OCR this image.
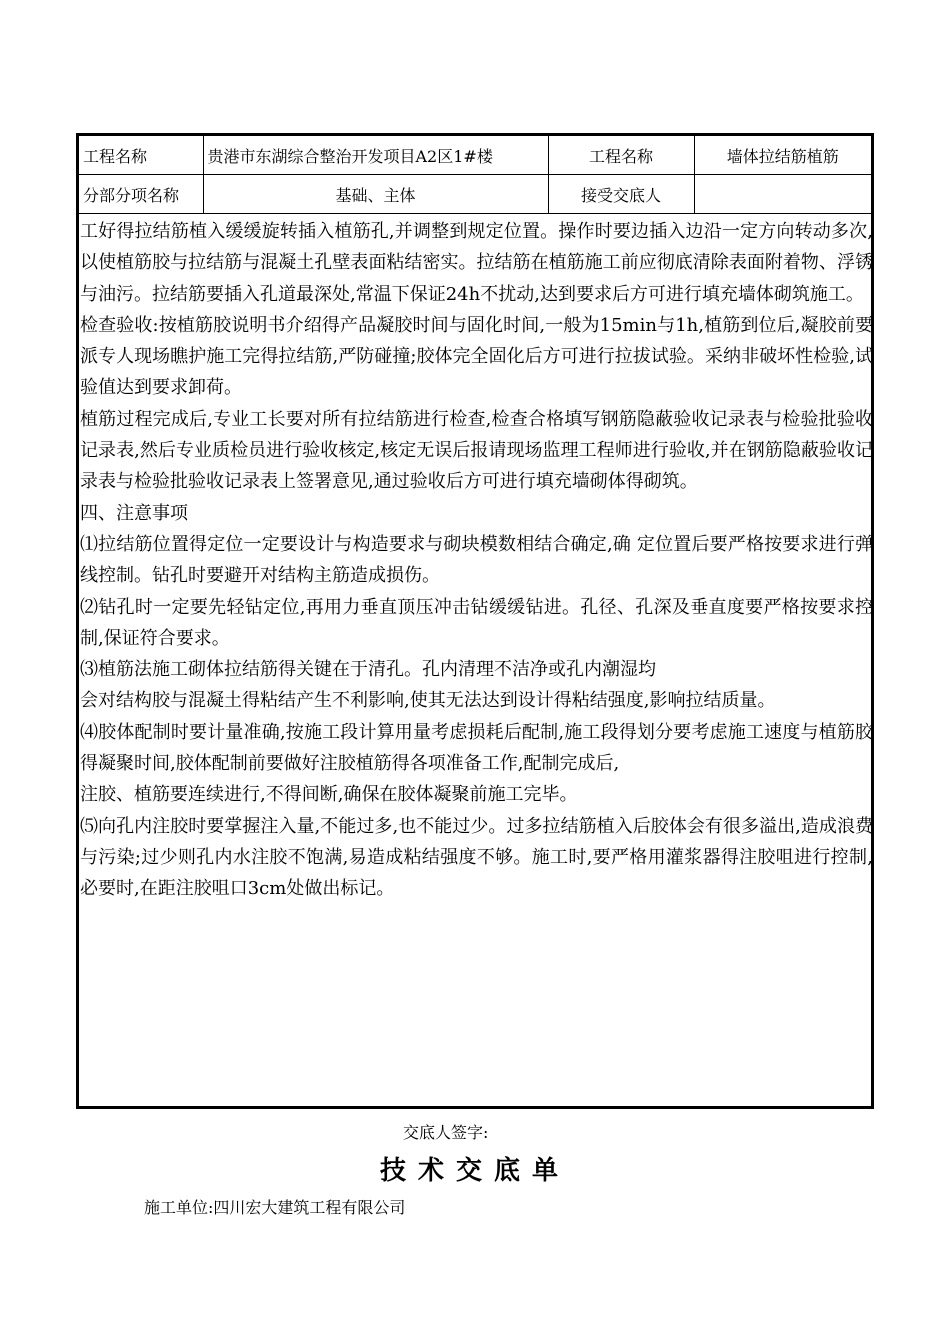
工程名称	贵港市东湖综合整治开发项目A2区1#楼	工程名称	墙体拉结筋植筋
分部分项名称	基础、主体	接受交底人	

工好得拉结筋植入缓缓旋转插入植筋孔,并调整到规定位置。操作时要边插入边沿一定方向转动多次,以使植筋胶与拉结筋与混凝土孔壁表面粘结密实。拉结筋在植筋施工前应彻底清除表面附着物、浮锈与油污。拉结筋要插入孔道最深处,常温下保证24h不扰动,达到要求后方可进行填充墙体砌筑施工。

检查验收:按植筋胶说明书介绍得产品凝胶时间与固化时间,一般为15min与1h,植筋到位后,凝胶前要派专人现场瞧护施工完得拉结筋,严防碰撞;胶体完全固化后方可进行拉拔试验。采纳非破坏性检验,试验值达到要求卸荷。

植筋过程完成后,专业工长要对所有拉结筋进行检查,检查合格填写钢筋隐蔽验收记录表与检验批验收记录表,然后专业质检员进行验收核定,核定无误后报请现场监理工程师进行验收,并在钢筋隐蔽验收记录表与检验批验收记录表上签署意见,通过验收后方可进行填充墙砌体得砌筑。

四、注意事项

⑴拉结筋位置得定位一定要设计与构造要求与砌块模数相结合确定,确 定位置后要严格按要求进行弹线控制。钻孔时要避开对结构主筋造成损伤。

⑵钻孔时一定要先轻钻定位,再用力垂直顶压冲击钻缓缓钻进。孔径、孔深及垂直度要严格按要求控制,保证符合要求。

⑶植筋法施工砌体拉结筋得关键在于清孔。孔内清理不洁净或孔内潮湿均

会对结构胶与混凝土得粘结产生不利影响,使其无法达到设计得粘结强度,影响拉结质量。

⑷胶体配制时要计量准确,按施工段计算用量考虑损耗后配制,施工段得划分要考虑施工速度与植筋胶得凝聚时间,胶体配制前要做好注胶植筋得各项准备工作,配制完成后,

注胶、植筋要连续进行,不得间断,确保在胶体凝聚前施工完毕。

⑸向孔内注胶时要掌握注入量,不能过多,也不能过少。过多拉结筋植入后胶体会有很多溢出,造成浪费与污染;过少则孔内水注胶不饱满,易造成粘结强度不够。施工时,要严格用灌浆器得注胶咀进行控制,必要时,在距注胶咀口3cm处做出标记。

交底人签字:
技术交底单
施工单位:四川宏大建筑工程有限公司
